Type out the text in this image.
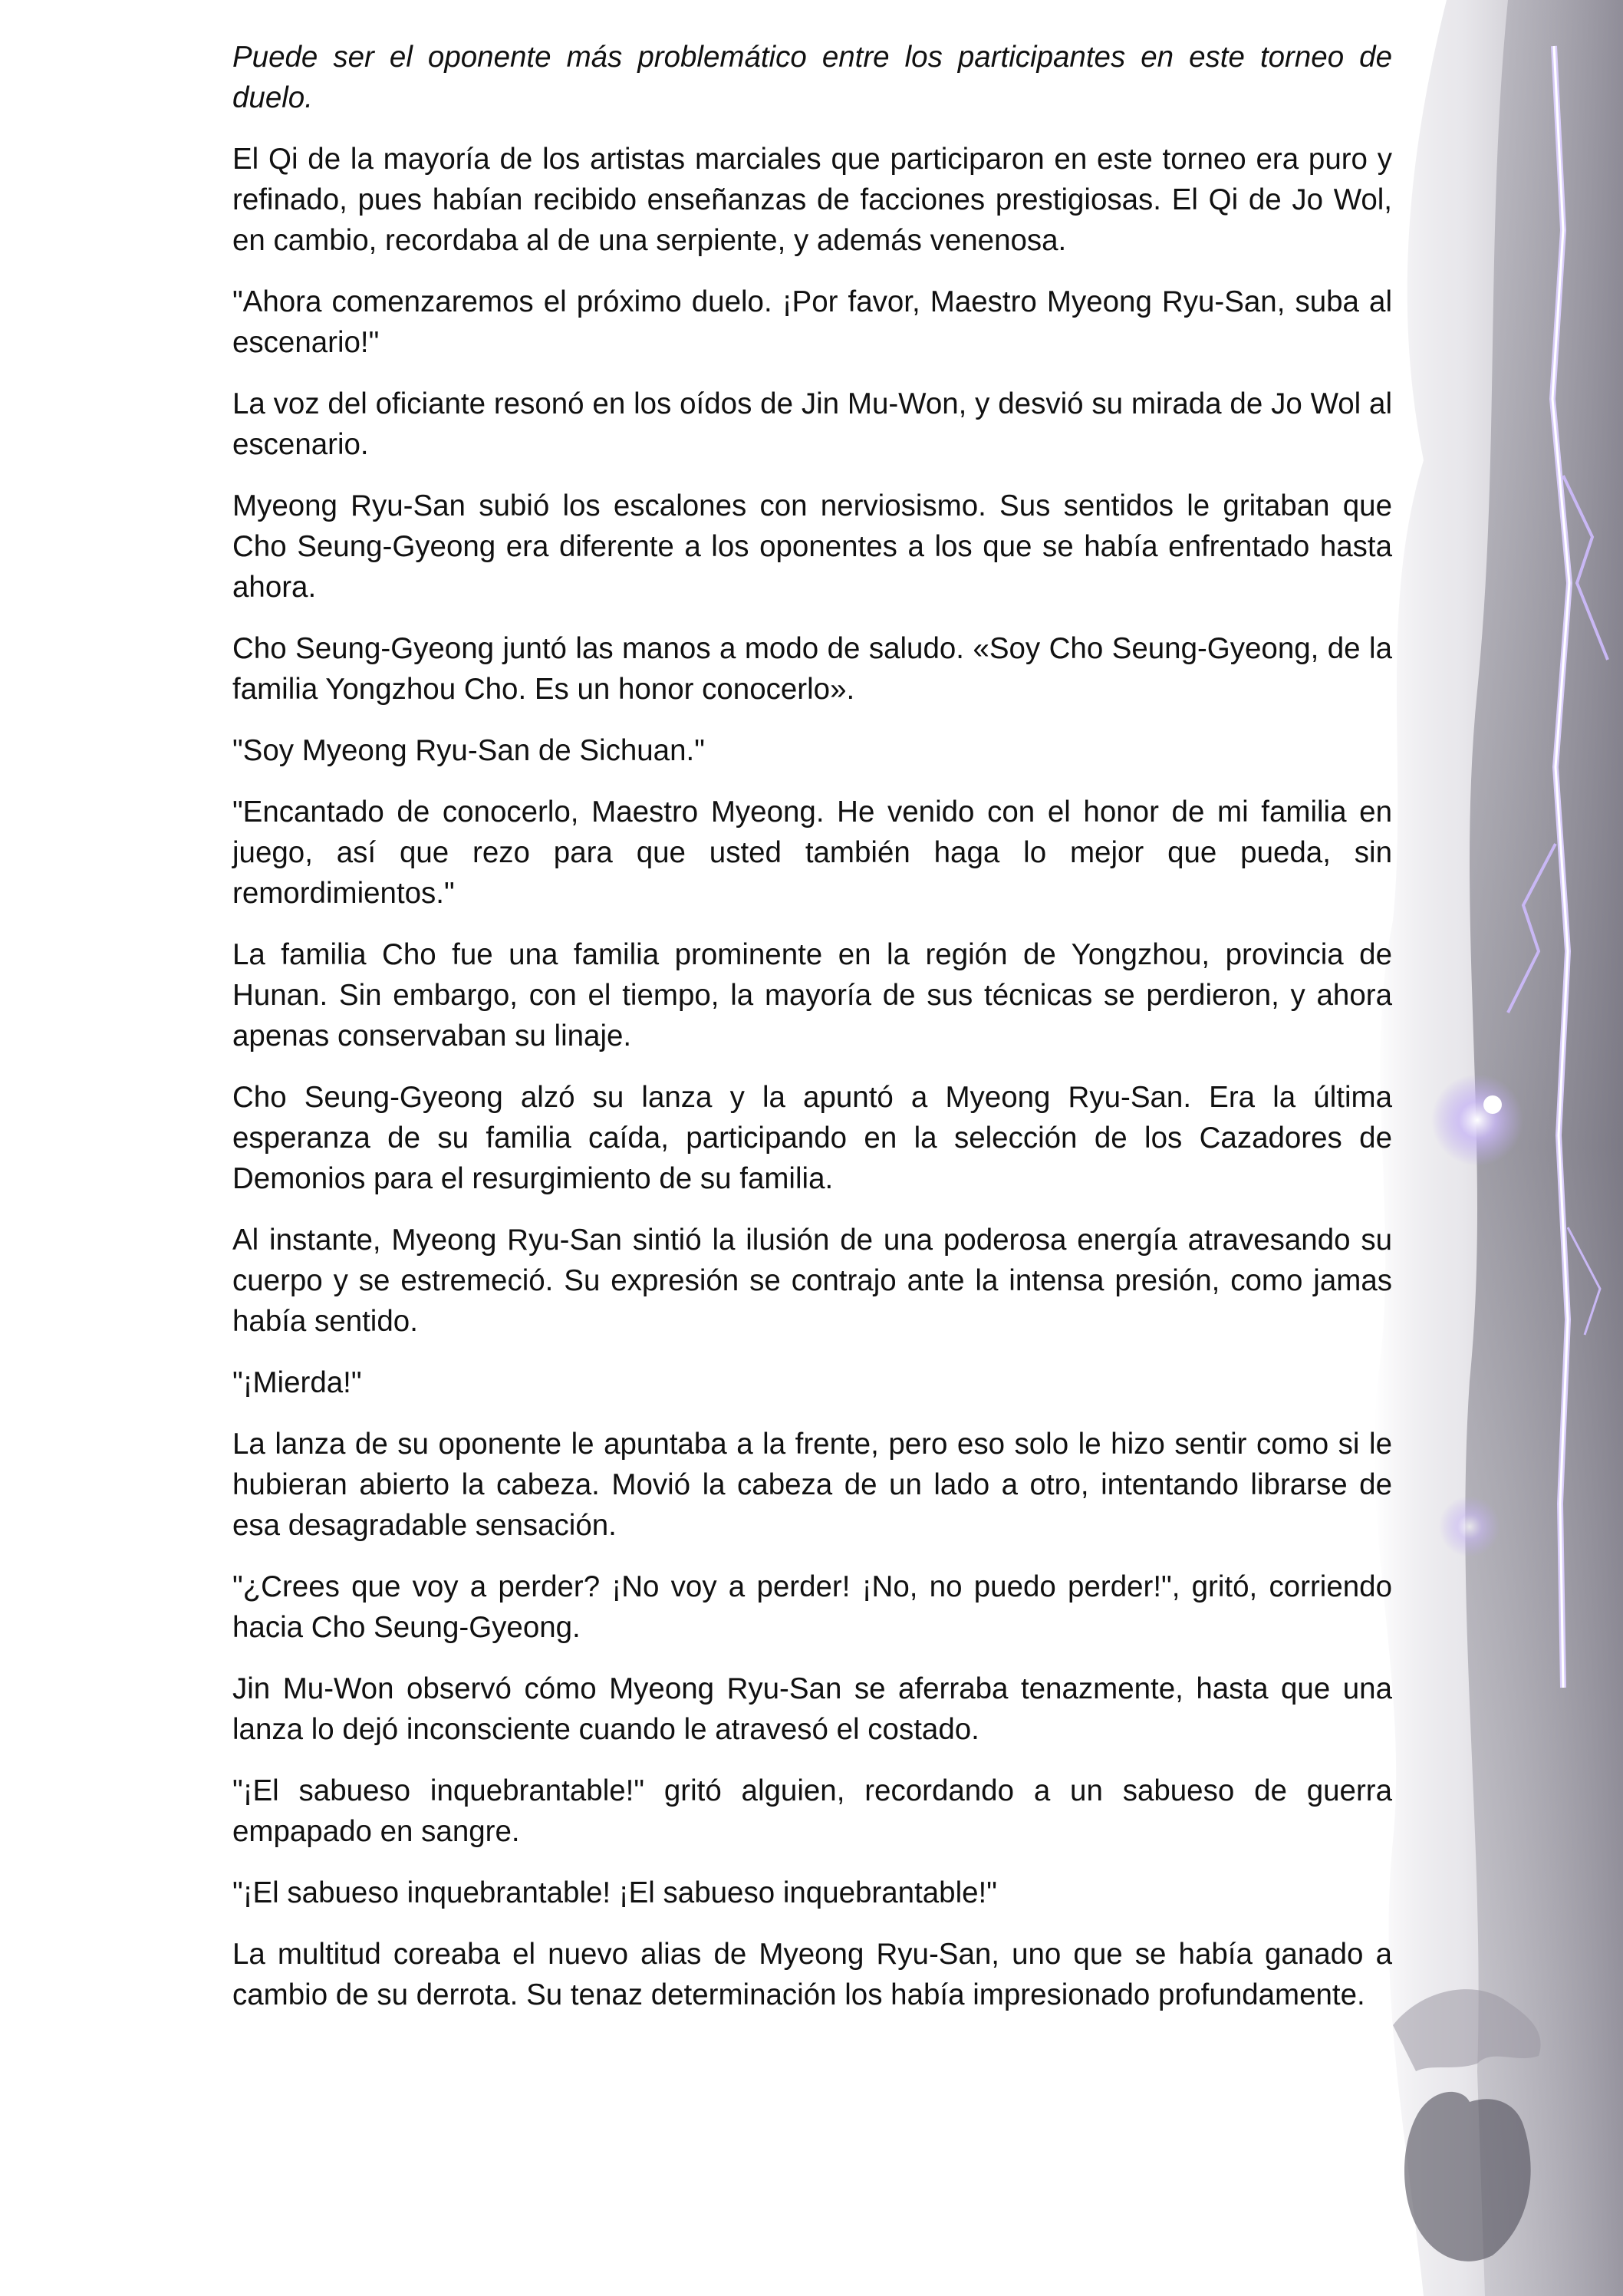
Puede ser el oponente más problemático entre los participantes en este torneo de duelo.

El Qi de la mayoría de los artistas marciales que participaron en este torneo era puro y refinado, pues habían recibido enseñanzas de facciones prestigiosas. El Qi de Jo Wol, en cambio, recordaba al de una serpiente, y además venenosa.

"Ahora comenzaremos el próximo duelo. ¡Por favor, Maestro Myeong Ryu-San, suba al escenario!"

La voz del oficiante resonó en los oídos de Jin Mu-Won, y desvió su mirada de Jo Wol al escenario.

Myeong Ryu-San subió los escalones con nerviosismo. Sus sentidos le gritaban que Cho Seung-Gyeong era diferente a los oponentes a los que se había enfrentado hasta ahora.

Cho Seung-Gyeong juntó las manos a modo de saludo. «Soy Cho Seung-Gyeong, de la familia Yongzhou Cho. Es un honor conocerlo».

"Soy Myeong Ryu-San de Sichuan."

"Encantado de conocerlo, Maestro Myeong. He venido con el honor de mi familia en juego, así que rezo para que usted también haga lo mejor que pueda, sin remordimientos."

La familia Cho fue una familia prominente en la región de Yongzhou, provincia de Hunan. Sin embargo, con el tiempo, la mayoría de sus técnicas se perdieron, y ahora apenas conservaban su linaje.

Cho Seung-Gyeong alzó su lanza y la apuntó a Myeong Ryu-San. Era la última esperanza de su familia caída, participando en la selección de los Cazadores de Demonios para el resurgimiento de su familia.

Al instante, Myeong Ryu-San sintió la ilusión de una poderosa energía atravesando su cuerpo y se estremeció. Su expresión se contrajo ante la intensa presión, como jamas había sentido.

"¡Mierda!"

La lanza de su oponente le apuntaba a la frente, pero eso solo le hizo sentir como si le hubieran abierto la cabeza. Movió la cabeza de un lado a otro, intentando librarse de esa desagradable sensación.

"¿Crees que voy a perder? ¡No voy a perder! ¡No, no puedo perder!", gritó, corriendo hacia Cho Seung-Gyeong.

Jin Mu-Won observó cómo Myeong Ryu-San se aferraba tenazmente, hasta que una lanza lo dejó inconsciente cuando le atravesó el costado.

"¡El sabueso inquebrantable!" gritó alguien, recordando a un sabueso de guerra empapado en sangre.

"¡El sabueso inquebrantable! ¡El sabueso inquebrantable!"

La multitud coreaba el nuevo alias de Myeong Ryu-San, uno que se había ganado a cambio de su derrota. Su tenaz determinación los había impresionado profundamente.
